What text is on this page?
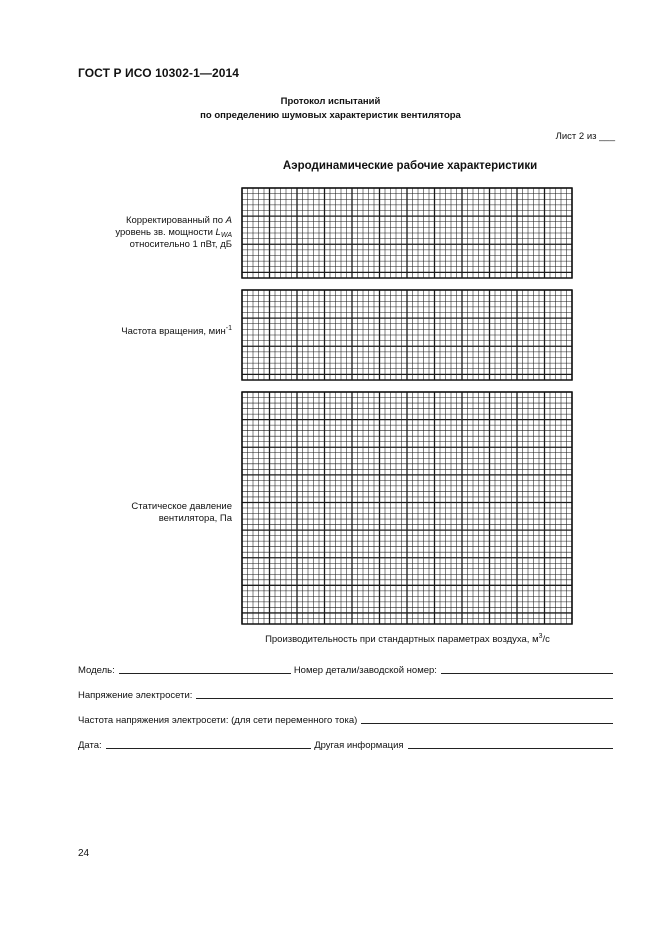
ГОСТ Р ИСО 10302-1—2014
Протокол испытаний
по определению шумовых характеристик вентилятора
Лист 2 из ___
Аэродинамические рабочие характеристики
Корректированный по A
уровень зв. мощности $L_{WA}$
относительно 1 пВт, дБ
Частота вращения, мин$^{-1}$
Статическое давление
вентилятора, Па
Производительность при стандартных параметрах воздуха, $м^3/c$
Модель:	Номер детали/заводской номер:
Напряжение электросети:
Частота напряжения электросети: (для сети переменного тока)
Дата:	Другая информация
24
